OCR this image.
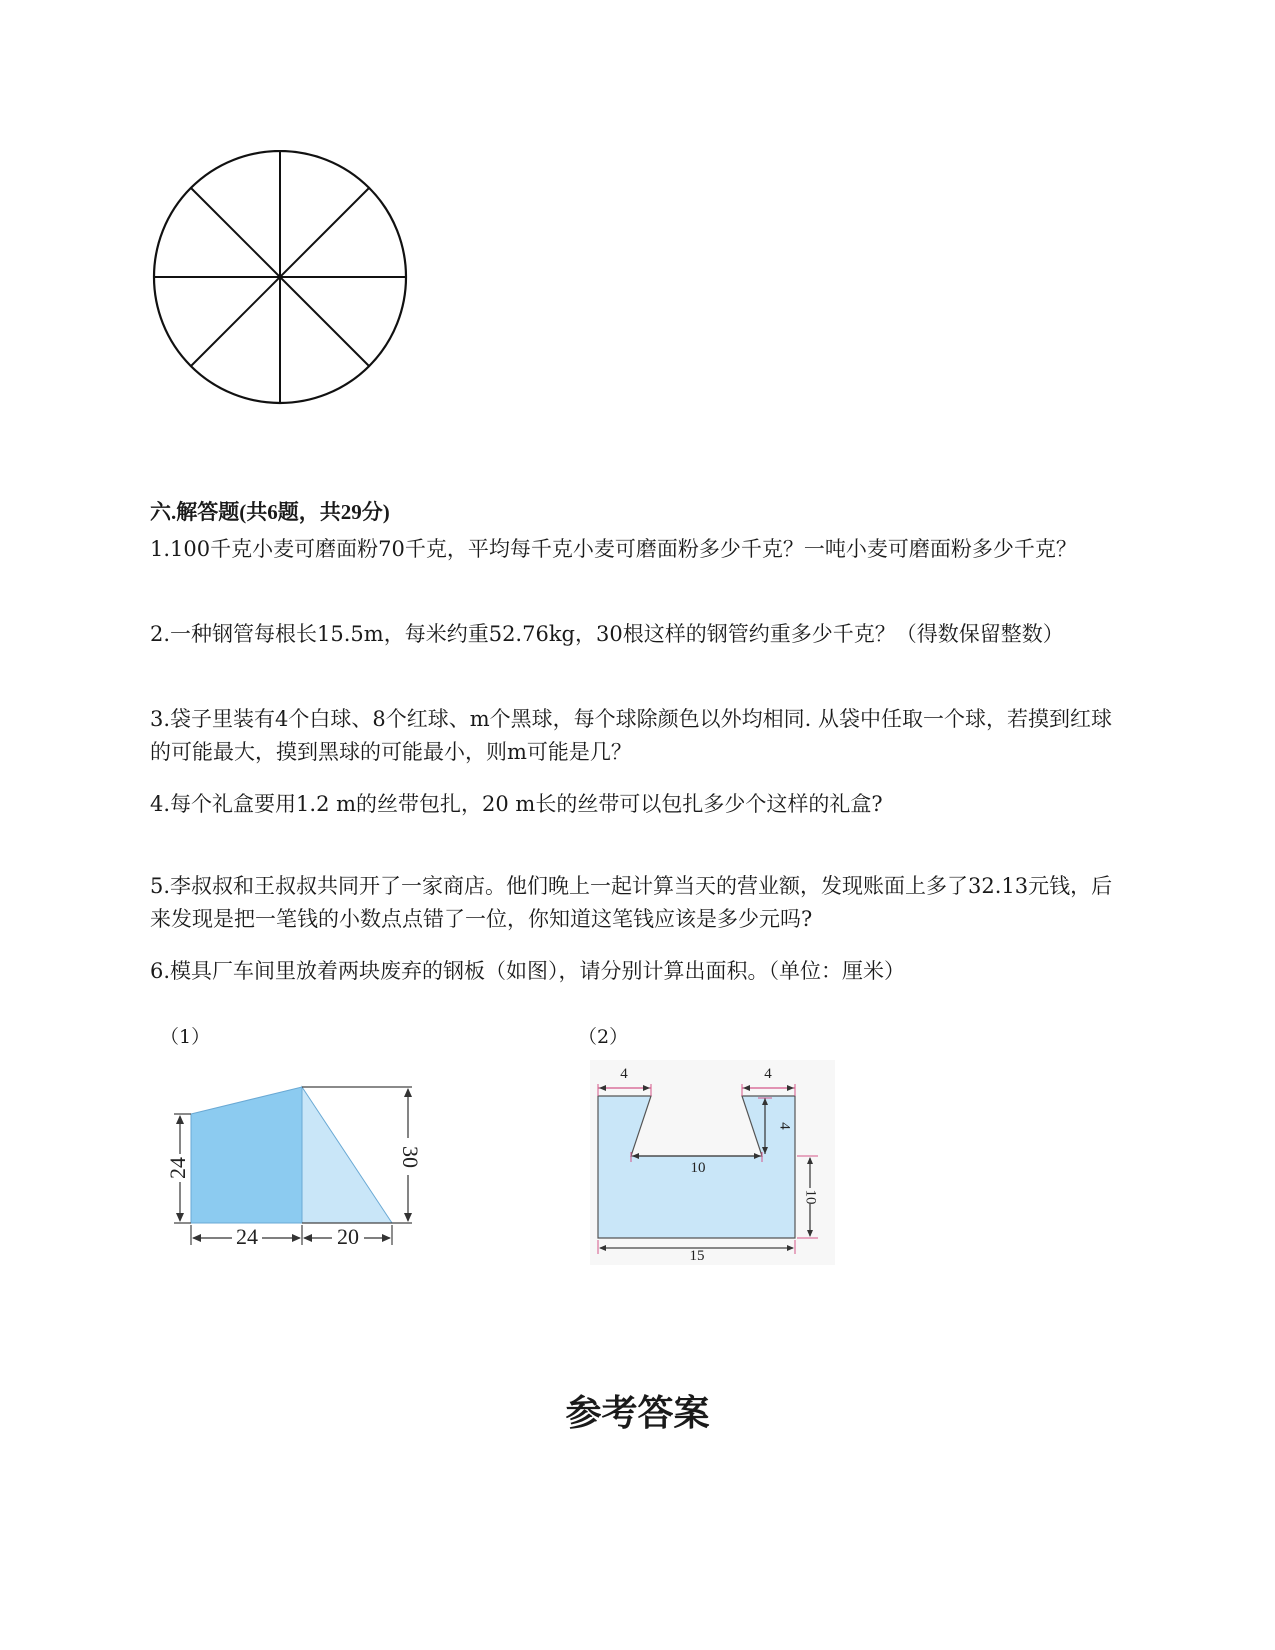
六.解答题(共6题，共29分)
1.100千克小麦可磨面粉70千克，平均每千克小麦可磨面粉多少千克？一吨小麦可磨面粉多少千克？
2.一种钢管每根长15.5m，每米约重52.76kg，30根这样的钢管约重多少千克？（得数保留整数）
3.袋子里装有4个白球、8个红球、m个黑球，每个球除颜色以外均相同. 从袋中任取一个球，若摸到红球的可能最大，摸到黑球的可能最小，则m可能是几？
4.每个礼盒要用1.2 m的丝带包扎，20 m长的丝带可以包扎多少个这样的礼盒?
5.李叔叔和王叔叔共同开了一家商店。他们晚上一起计算当天的营业额，发现账面上多了32.13元钱，后来发现是把一笔钱的小数点点错了一位，你知道这笔钱应该是多少元吗?
6.模具厂车间里放着两块废弃的钢板（如图），请分别计算出面积。（单位：厘米）
（1）
24	30
24	20
（2）
4	4
4
10
10
15
参考答案
